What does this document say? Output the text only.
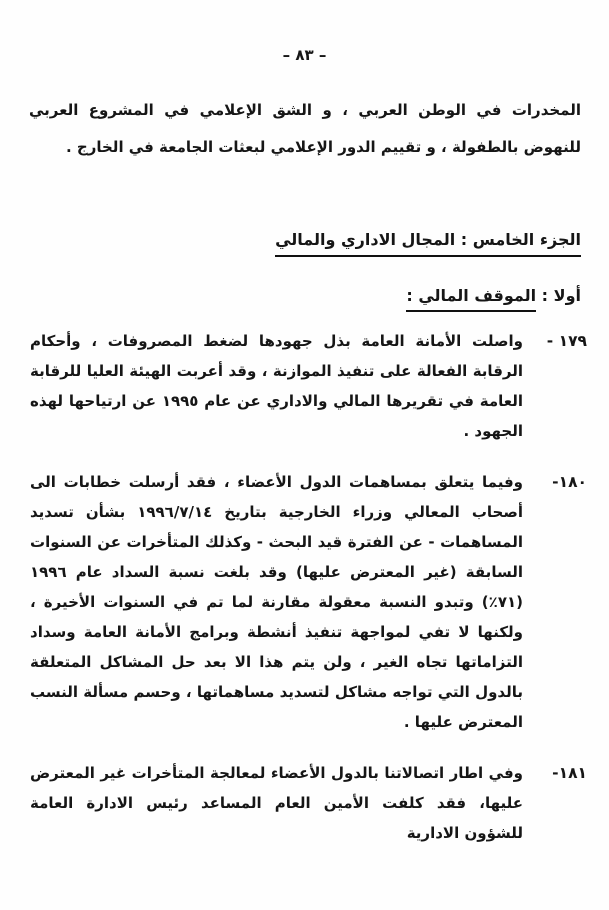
– ٨٣ –

المخدرات في الوطن العربي ، و الشق الإعلامي في المشروع العربي للنهوض بالطفولة ، و تقييم الدور الإعلامي لبعثات الجامعة في الخارج .

الجزء الخامس : المجال الاداري والمالي
أولا : الموقف المالي :
١٧٩ -
واصلت الأمانة العامة بذل جهودها لضغط المصروفات ، وأحكام الرقابة الفعالة على تنفيذ الموازنة ، وقد أعربت الهيئة العليا للرقابة العامة في تقريرها المالي والاداري عن عام ١٩٩٥ عن ارتياحها لهذه الجهود .
١٨٠-
وفيما يتعلق بمساهمات الدول الأعضاء ، فقد أرسلت خطابات الى أصحاب المعالي وزراء الخارجية بتاريخ ١٩٩٦/٧/١٤ بشأن تسديد المساهمات - عن الفترة قيد البحث - وكذلك المتأخرات عن السنوات السابقة (غير المعترض عليها) وقد بلغت نسبة السداد عام ١٩٩٦ (٧١٪) وتبدو النسبة معقولة مقارنة لما تم في السنوات الأخيرة ، ولكنها لا تفي لمواجهة تنفيذ أنشطة وبرامج الأمانة العامة وسداد التزاماتها تجاه الغير ، ولن يتم هذا الا بعد حل المشاكل المتعلقة بالدول التي تواجه مشاكل لتسديد مساهماتها ، وحسم مسألة النسب المعترض عليها .
١٨١-
وفي اطار اتصالاتنا بالدول الأعضاء لمعالجة المتأخرات غير المعترض عليها، فقد كلفت الأمين العام المساعد رئيس الادارة العامة للشؤون الادارية
